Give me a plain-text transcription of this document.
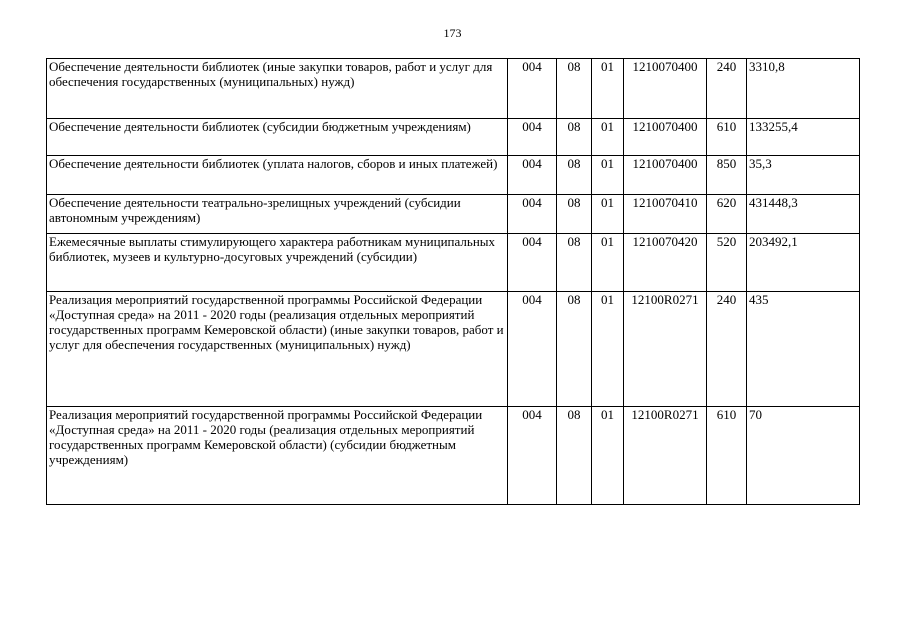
173
Обеспечение деятельности библиотек (иные закупки товаров, работ и услуг для обеспечения государственных (муниципальных) нужд)	004	08	01	1210070400	240	3310,8
Обеспечение деятельности библиотек (субсидии бюджетным учреждениям)	004	08	01	1210070400	610	133255,4
Обеспечение деятельности библиотек (уплата налогов, сборов и иных платежей)	004	08	01	1210070400	850	35,3
Обеспечение деятельности театрально-зрелищных учреждений (субсидии автономным учреждениям)	004	08	01	1210070410	620	431448,3
Ежемесячные выплаты стимулирующего характера работникам муниципальных библиотек, музеев и культурно-досуговых учреждений (субсидии)	004	08	01	1210070420	520	203492,1
Реализация мероприятий государственной программы Российской Федерации «Доступная среда» на 2011 - 2020 годы (реализация отдельных мероприятий государственных программ Кемеровской области) (иные закупки товаров, работ и услуг для обеспечения государственных (муниципальных) нужд)	004	08	01	12100R0271	240	435
Реализация мероприятий государственной программы Российской Федерации «Доступная среда» на 2011 - 2020 годы (реализация отдельных мероприятий государственных программ Кемеровской области) (субсидии бюджетным учреждениям)	004	08	01	12100R0271	610	70
